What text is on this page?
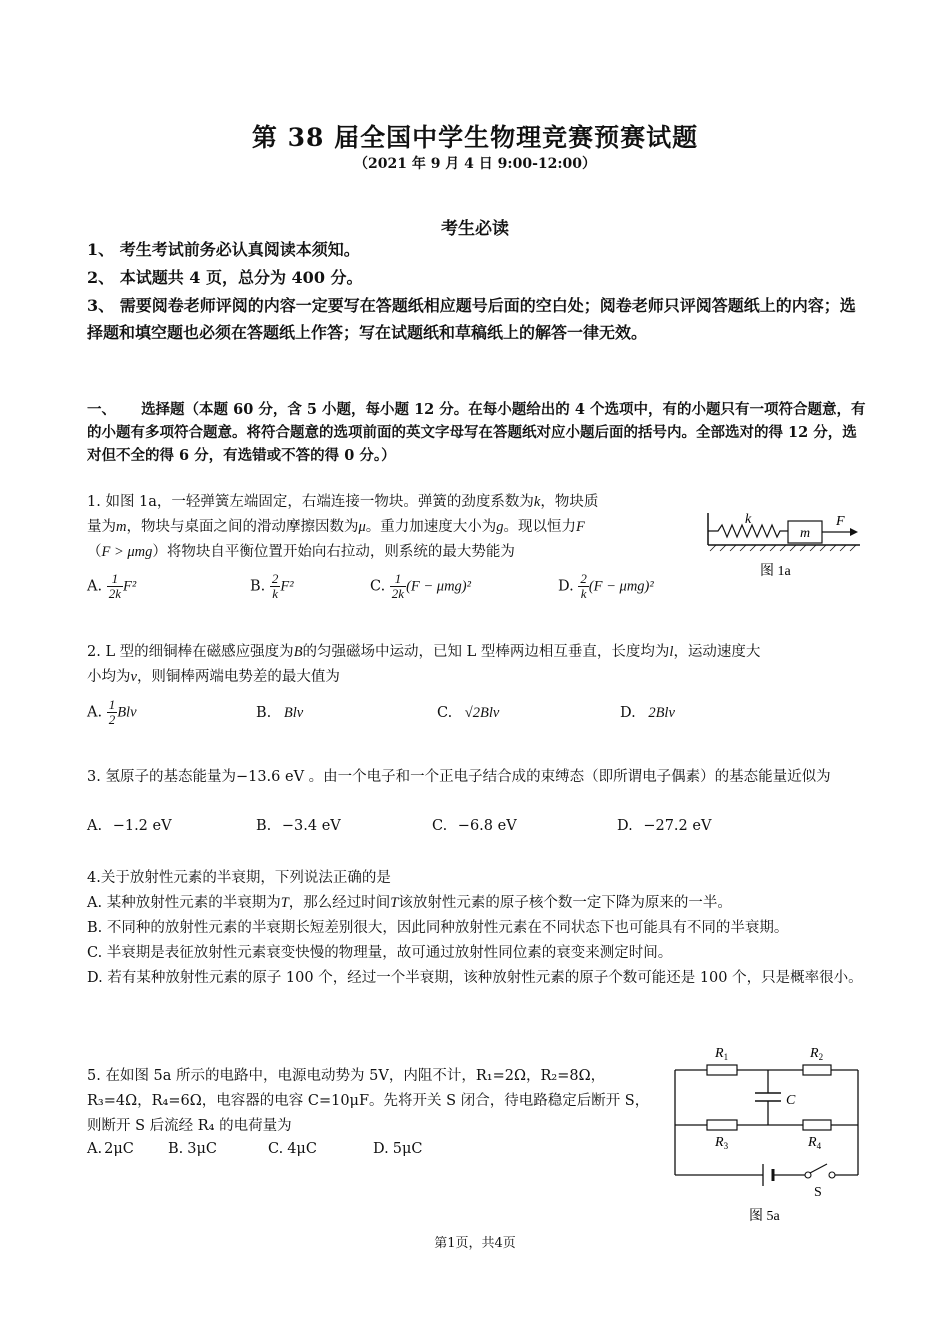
第 38 届全国中学生物理竞赛预赛试题
（2021 年 9 月 4 日 9:00-12:00）
考生必读
1、 考生考试前务必认真阅读本须知。
2、 本试题共 4 页，总分为 400 分。
3、 需要阅卷老师评阅的内容一定要写在答题纸相应题号后面的空白处；阅卷老师只评阅答题纸上的内容；选择题和填空题也必须在答题纸上作答；写在试题纸和草稿纸上的解答一律无效。
一、 选择题（本题 60 分，含 5 小题，每小题 12 分。在每小题给出的 4 个选项中，有的小题只有一项符合题意，有的小题有多项符合题意。将符合题意的选项前面的英文字母写在答题纸对应小题后面的括号内。全部选对的得 12 分，选对但不全的得 6 分，有选错或不答的得 0 分。）
1. 如图 1a，一轻弹簧左端固定，右端连接一物块。弹簧的劲度系数为k，物块质
量为m，物块与桌面之间的滑动摩擦因数为μ。重力加速度大小为g。现以恒力F
（F > μmg）将物块自平衡位置开始向右拉动，则系统的最大势能为
A. $\frac{1}{2k} F^2$	B. $\frac{2}{k} F^2$	C. $\frac{1}{2k} (F - \mu mg)^2$	D. $\frac{2}{k} (F - \mu mg)^2$
k
m
F
图 1a
2. L 型的细铜棒在磁感应强度为B的匀强磁场中运动，已知 L 型棒两边相互垂直，长度均为l，运动速度大
小均为v，则铜棒两端电势差的最大值为
A. $\frac{1}{2}$ Blv	B. Blv	C. √2Blv	D. 2Blv
3. 氢原子的基态能量为−13.6 eV 。由一个电子和一个正电子结合成的束缚态（即所谓电子偶素）的基态能量近似为
A. −1.2 eV	B. −3.4 eV	C. −6.8 eV	D. −27.2 eV
4.关于放射性元素的半衰期，下列说法正确的是
A. 某种放射性元素的半衰期为T，那么经过时间T该放射性元素的原子核个数一定下降为原来的一半。
B. 不同种的放射性元素的半衰期长短差别很大，因此同种放射性元素在不同状态下也可能具有不同的半衰期。
C. 半衰期是表征放射性元素衰变快慢的物理量，故可通过放射性同位素的衰变来测定时间。
D. 若有某种放射性元素的原子 100 个，经过一个半衰期，该种放射性元素的原子个数可能还是 100 个，只是概率很小。
5. 在如图 5a 所示的电路中，电源电动势为 5V，内阻不计，R₁=2Ω，R₂=8Ω，R₃=4Ω，R₄=6Ω，电容器的电容 C=10μF。先将开关 S 闭合，待电路稳定后断开 S，则断开 S 后流经 R₄ 的电荷量为
A. 2μC B. 3μC	C. 4μC	D. 5μC
$R_1$	$R_2$
$R_3$	$R_4$
C
S
图 5a
第1页，共4页
